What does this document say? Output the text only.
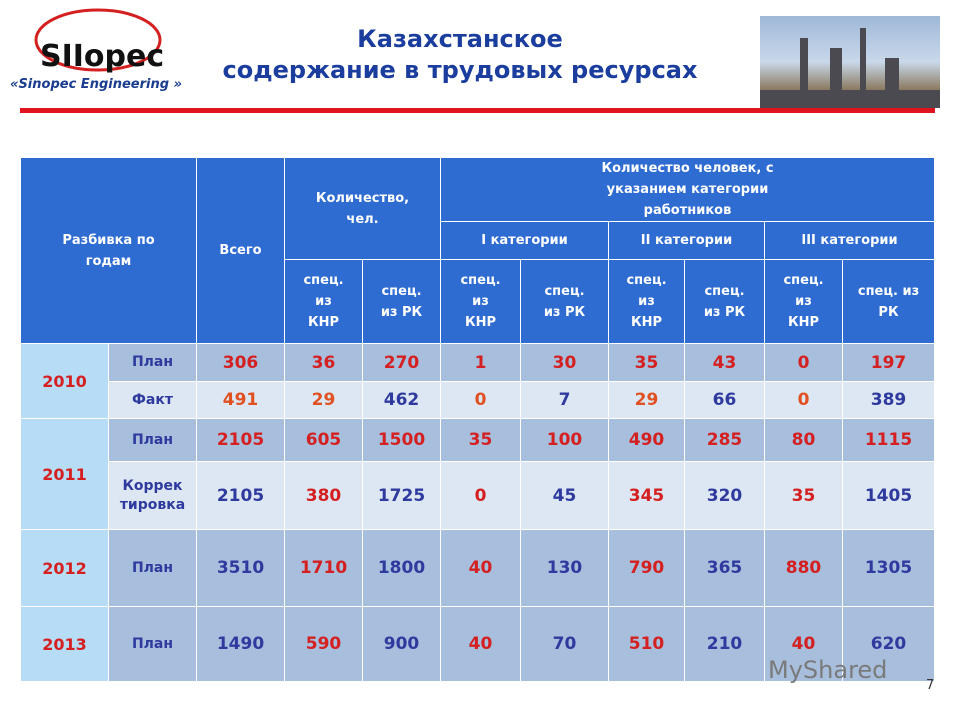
SIIopec
«Sinopec Engineering »
Казахстанское
содержание в трудовых ресурсах
Разбивка по годам		Всего	Количество, чел.		Количество человек, с указанием категории работников					
					I категории		II категории		III категории	
			спец. из КНР	спец. из РК	спец. из КНР	спец. из РК	спец. из КНР	спец. из РК	спец. из КНР	спец. из РК
2010	План	306	36	270	1	30	35	43	0	197
	Факт	491	29	462	0	7	29	66	0	389
2011	План	2105	605	1500	35	100	490	285	80	1115
	Корректировка	2105	380	1725	0	45	345	320	35	1405
2012	План	3510	1710	1800	40	130	790	365	880	1305
2013	План	1490	590	900	40	70	510	210	40	620
MyShared
7
